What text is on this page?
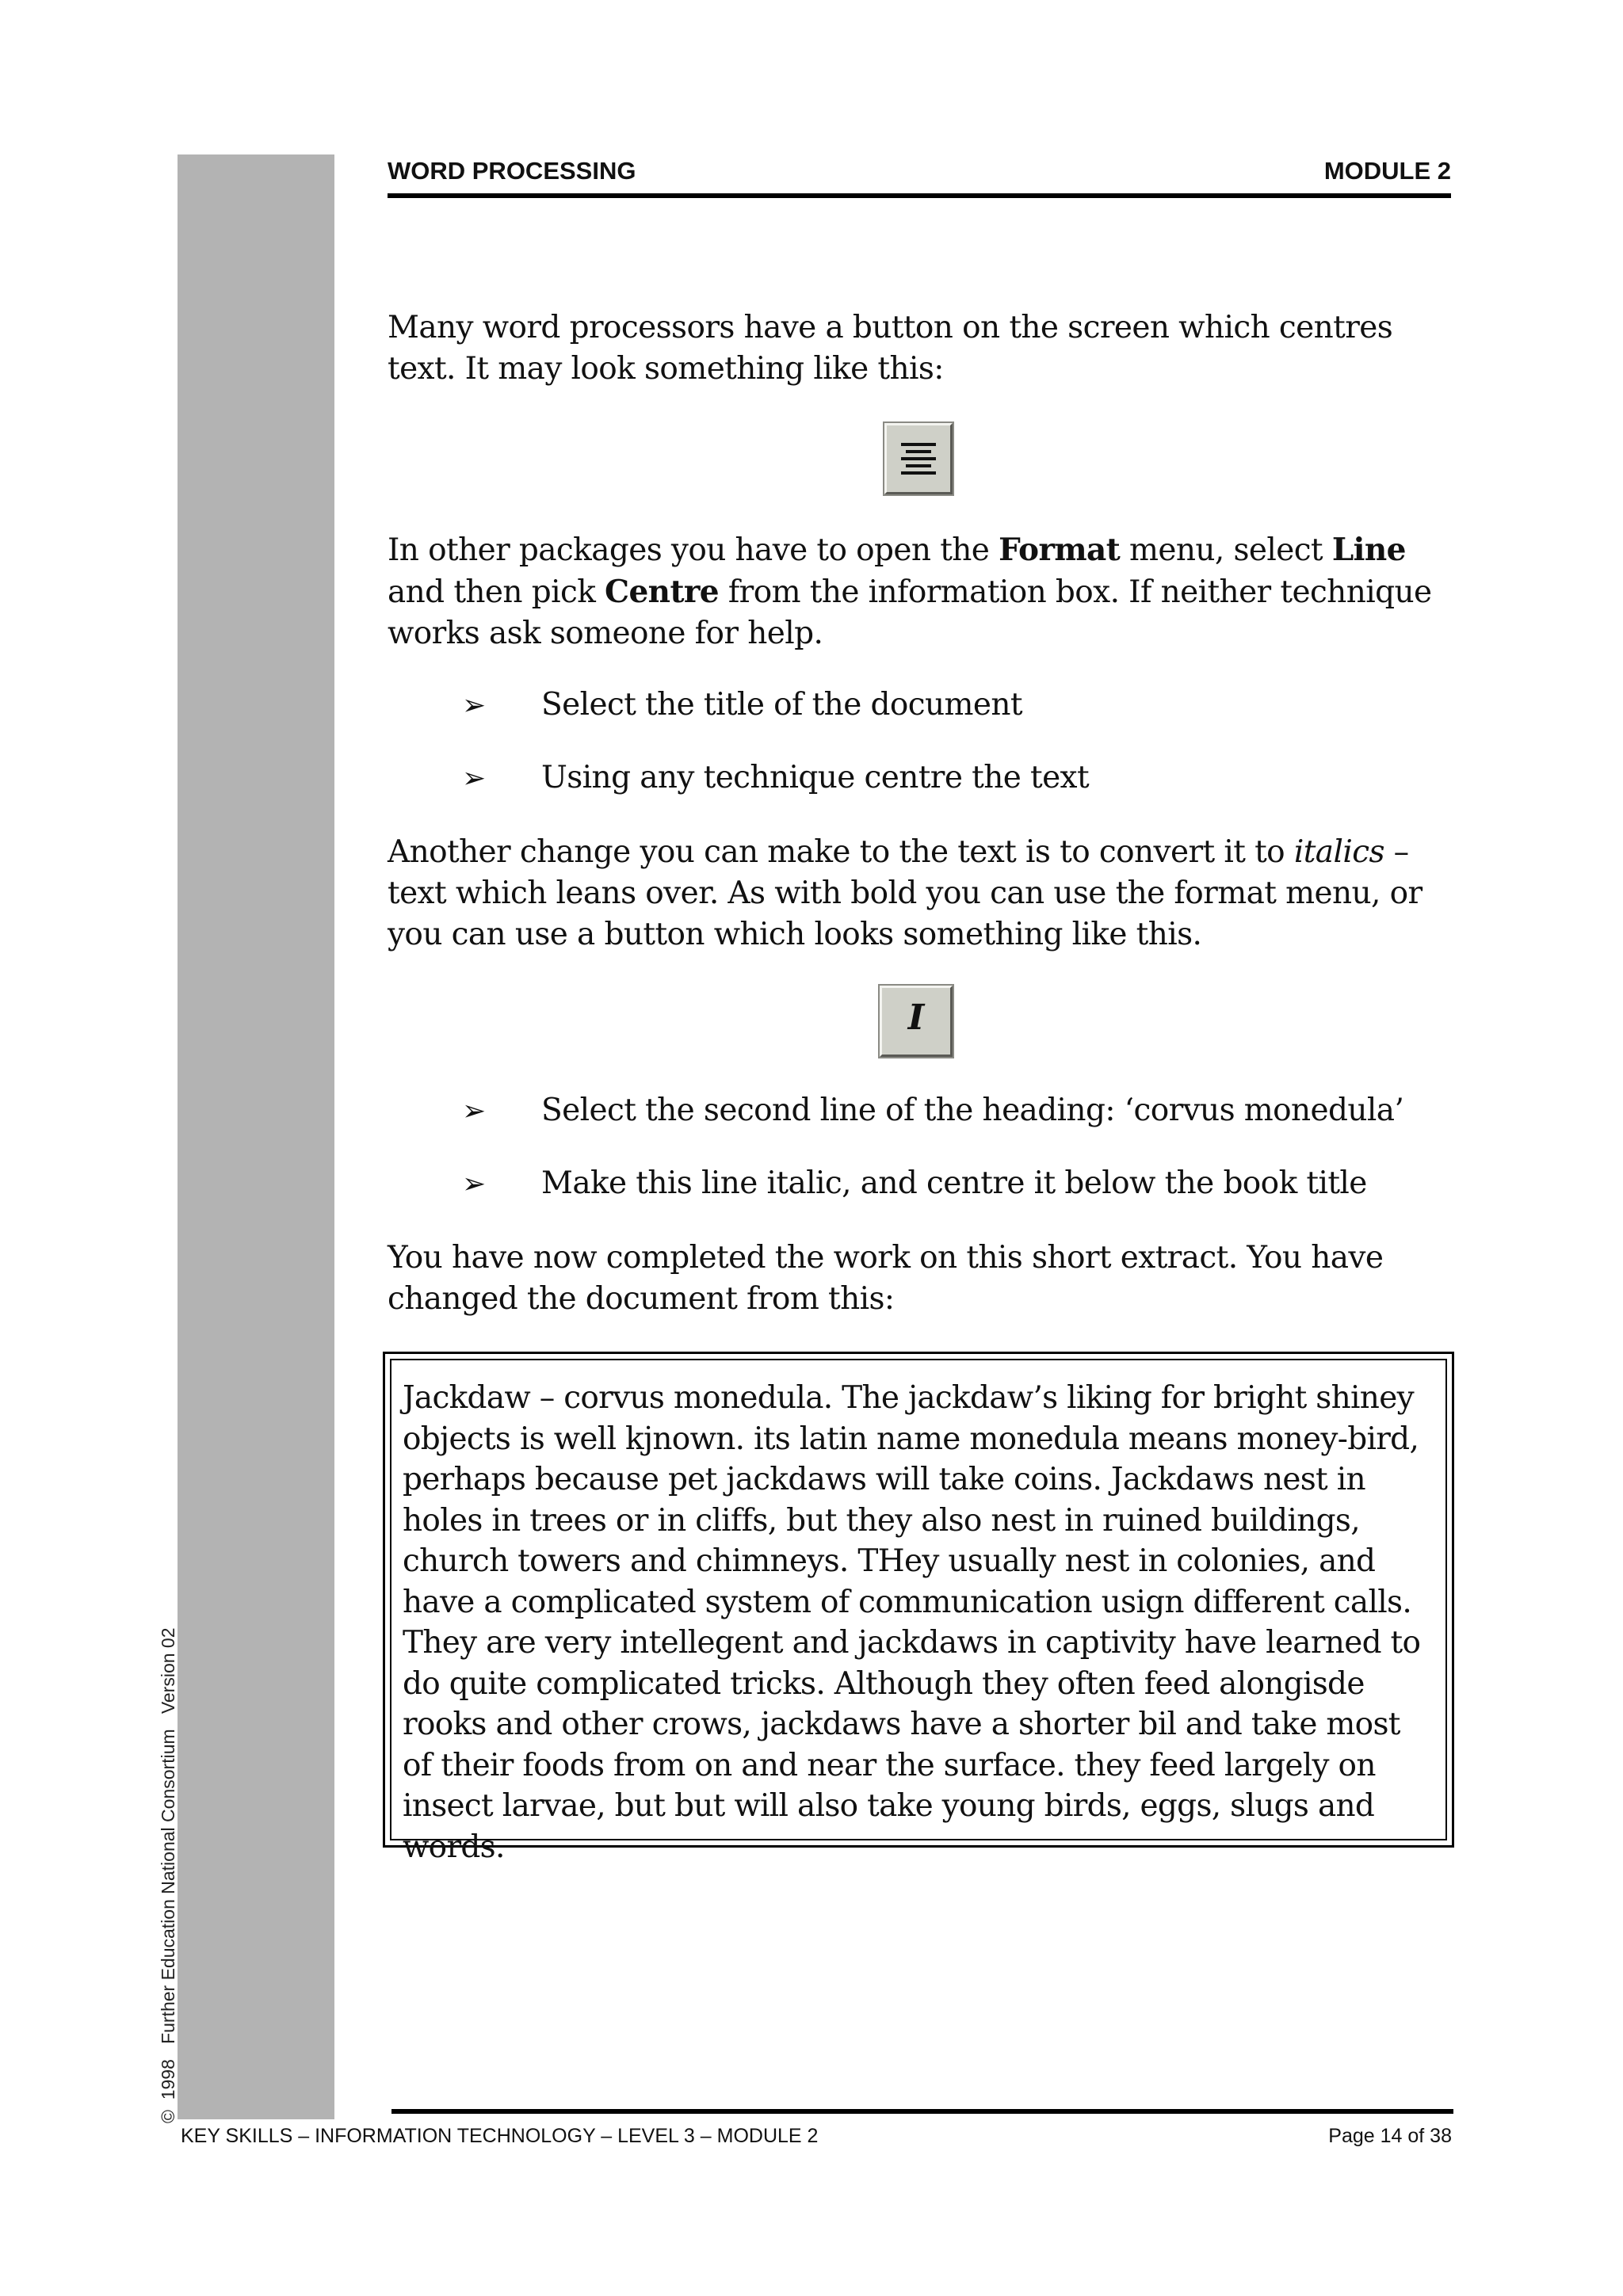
©  1998   Further Education National Consortium   Version 02
WORD PROCESSING	MODULE 2

Many word processors have a button on the screen which centres text. It may look something like this:

In other packages you have to open the Format menu, select Line and then pick Centre from the information box. If neither technique works ask someone for help.

➢ Select the title of the document
➢ Using any technique centre the text

Another change you can make to the text is to convert it to italics – text which leans over. As with bold you can use the format menu, or you can use a button which looks something like this.

I
➢ Select the second line of the heading: ‘corvus monedula’
➢ Make this line italic, and centre it below the book title

You have now completed the work on this short extract. You have changed the document from this:

Jackdaw – corvus monedula. The jackdaw’s liking for bright shiney objects is well kjnown. its latin name monedula means money-bird, perhaps because pet jackdaws will take coins. Jackdaws nest in holes in trees or in cliffs, but they also nest in ruined buildings, church towers and chimneys. THey usually nest in colonies, and have a complicated system of communication usign different calls. They are very intellegent and jackdaws in captivity have learned to do quite complicated tricks. Although they often feed alongisde rooks and other crows, jackdaws have a shorter bil and take most of their foods from on and near the surface. they feed largely on insect larvae, but but will also take young birds, eggs, slugs and words.
KEY SKILLS – INFORMATION TECHNOLOGY – LEVEL 3 – MODULE 2	Page 14 of 38
